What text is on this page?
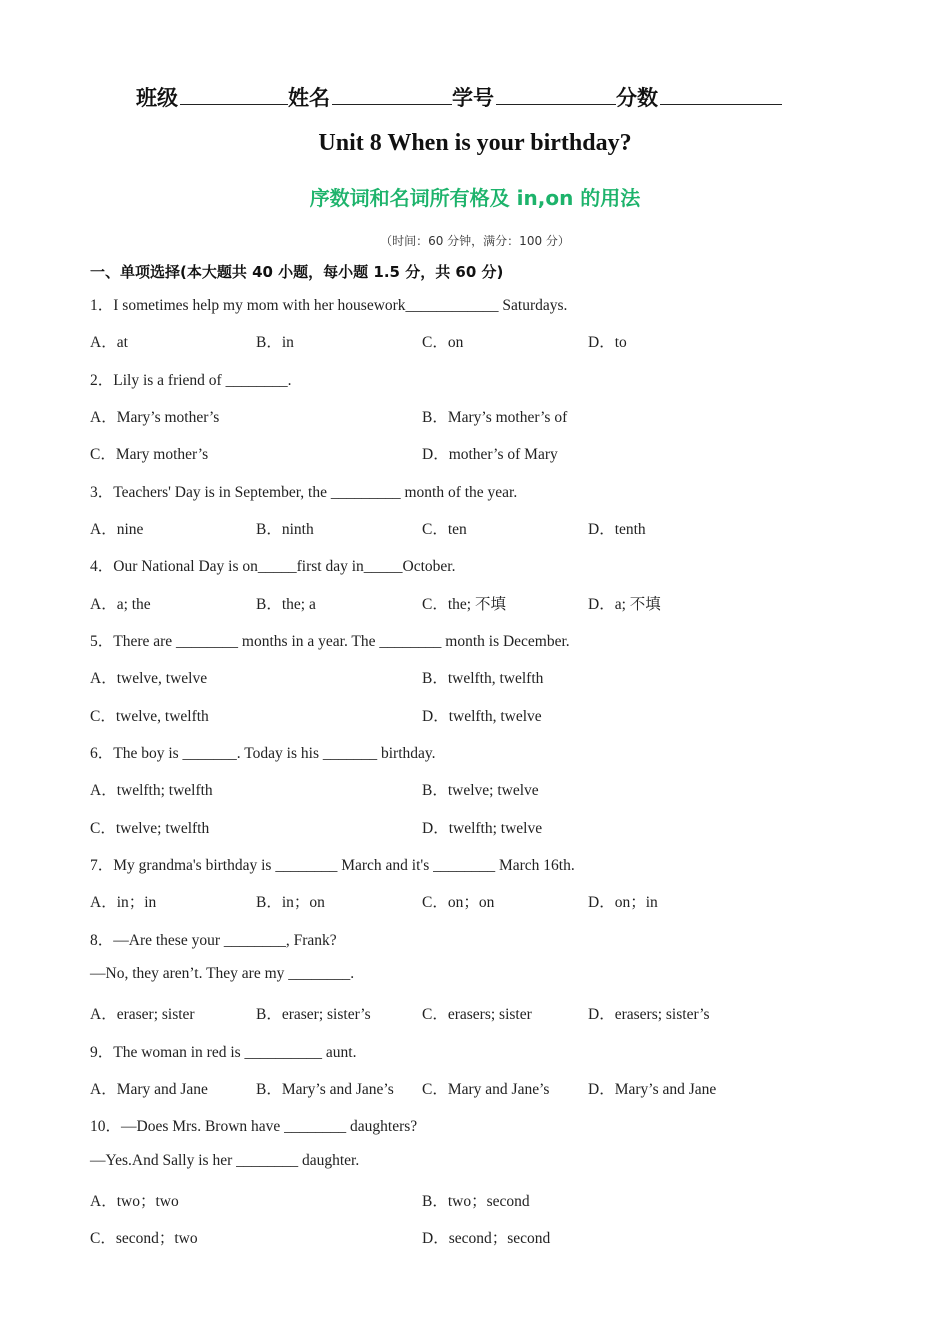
班级	姓名	学号	分数
Unit 8 When is your birthday?
序数词和名词所有格及 in,on 的用法
（时间：60 分钟，满分：100 分）
一、单项选择(本大题共 40 小题，每小题 1.5 分，共 60 分)
1．I sometimes help my mom with her housework____________ Saturdays.
A．at	B．in	C．on	D．to
2．Lily is a friend of ________.
A．Mary’s mother’s	B．Mary’s mother’s of
C．Mary mother’s	D．mother’s of Mary
3．Teachers' Day is in September, the _________ month of the year.
A．nine	B．ninth	C．ten	D．tenth
4．Our National Day is on_____first day in_____October.
A．a; the	B．the; a	C．the; 不填	D．a; 不填
5．There are ________ months in a year. The ________ month is December.
A．twelve, twelve	B．twelfth, twelfth
C．twelve, twelfth	D．twelfth, twelve
6．The boy is _______. Today is his _______ birthday.
A．twelfth; twelfth	B．twelve; twelve
C．twelve; twelfth	D．twelfth; twelve
7．My grandma's birthday is ________ March and it's ________ March 16th.
A．in；in	B．in；on	C．on；on	D．on；in
8．—Are these your ________, Frank?
—No, they aren’t. They are my ________.
A．eraser; sister	B．eraser; sister’s	C．erasers; sister	D．erasers; sister’s
9．The woman in red is __________ aunt.
A．Mary and Jane	B．Mary’s and Jane’s C．Mary and Jane’s D．Mary’s and Jane
10．—Does Mrs. Brown have ________ daughters?
—Yes.And Sally is her ________ daughter.
A．two；two	B．two；second
C．second；two	D．second；second
